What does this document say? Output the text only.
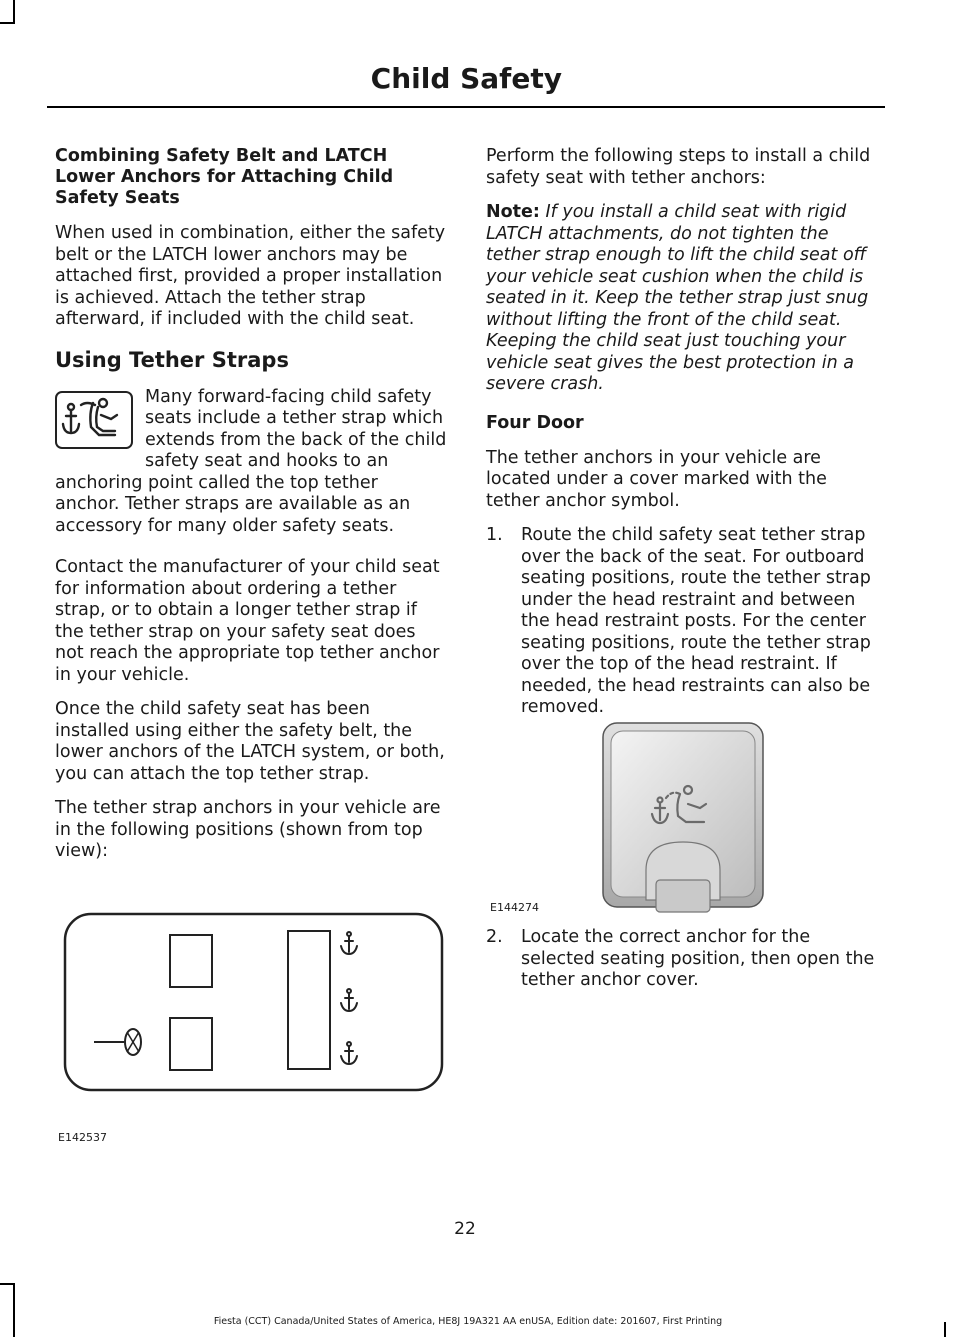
Child Safety
Combining Safety Belt and LATCH Lower Anchors for Attaching Child Safety Seats

When used in combination, either the safety belt or the LATCH lower anchors may be attached first, provided a proper installation is achieved. Attach the tether strap afterward, if included with the child seat.

Using Tether Straps

Many forward-facing child safety seats include a tether strap which extends from the back of the child safety seat and hooks to an anchoring point called the top tether anchor. Tether straps are available as an accessory for many older safety seats.

Contact the manufacturer of your child seat for information about ordering a tether strap, or to obtain a longer tether strap if the tether strap on your safety seat does not reach the appropriate top tether anchor in your vehicle.

Once the child safety seat has been installed using either the safety belt, the lower anchors of the LATCH system, or both, you can attach the top tether strap.

The tether strap anchors in your vehicle are in the following positions (shown from top view):

E142537

Perform the following steps to install a child safety seat with tether anchors:

Note: If you install a child seat with rigid LATCH attachments, do not tighten the tether strap enough to lift the child seat off your vehicle seat cushion when the child is seated in it. Keep the tether strap just snug without lifting the front of the child seat. Keeping the child seat just touching your vehicle seat gives the best protection in a severe crash.

Four Door

The tether anchors in your vehicle are located under a cover marked with the tether anchor symbol.

1. Route the child safety seat tether strap over the back of the seat. For outboard seating positions, route the tether strap under the head restraint and between the head restraint posts. For the center seating positions, route the tether strap over the top of the head restraint. If needed, the head restraints can also be removed.
E144274
2. Locate the correct anchor for the selected seating position, then open the tether anchor cover.
22
Fiesta (CCT) Canada/United States of America, HE8J 19A321 AA enUSA, Edition date: 201607, First Printing
